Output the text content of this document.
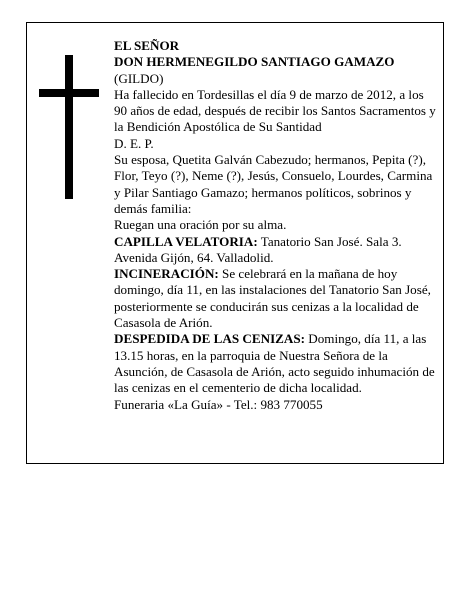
EL SEÑOR

DON HERMENEGILDO SANTIAGO GAMAZO

(GILDO)

Ha fallecido en Tordesillas el día 9 de marzo de 2012, a los 90 años de edad, después de recibir los Santos Sacramentos y la Bendición Apostólica de Su Santidad

D. E. P.

Su esposa, Quetita Galván Cabezudo; hermanos, Pepita (?), Flor, Teyo (?), Neme (?), Jesús, Consuelo, Lourdes, Carmina y Pilar Santiago Gamazo; hermanos políticos, sobrinos y demás familia:

Ruegan una oración por su alma.

CAPILLA VELATORIA: Tanatorio San José. Sala 3. Avenida Gijón, 64. Valladolid.

INCINERACIÓN: Se celebrará en la mañana de hoy domingo, día 11, en las instalaciones del Tanatorio San José, posteriormente se conducirán sus cenizas a la localidad de Casasola de Arión.

DESPEDIDA DE LAS CENIZAS: Domingo, día 11, a las 13.15 horas, en la parroquia de Nuestra Señora de la Asunción, de Casasola de Arión, acto seguido inhumación de las cenizas en el cementerio de dicha localidad.

Funeraria «La Guía» - Tel.: 983 770055
